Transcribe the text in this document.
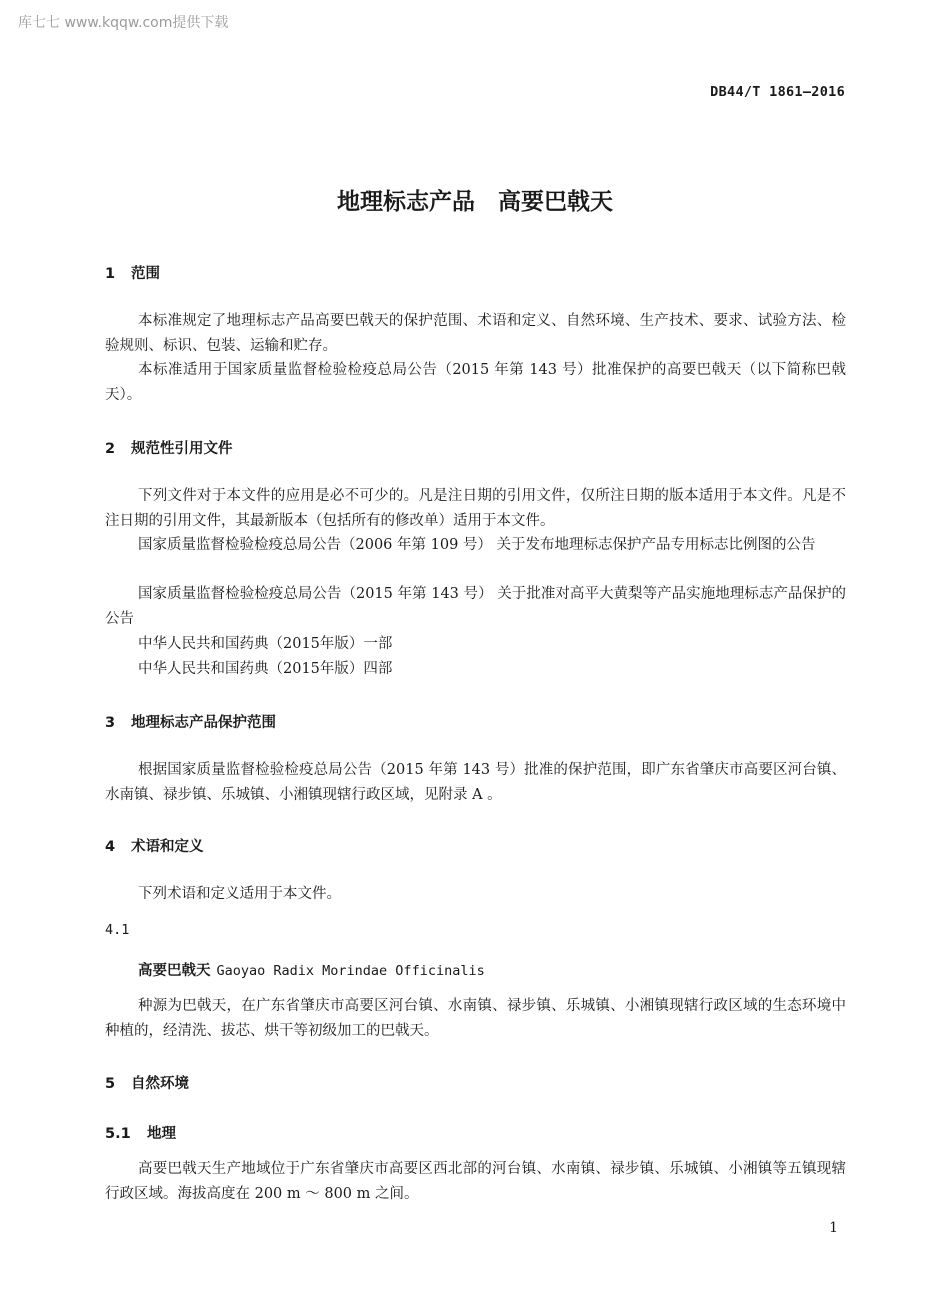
库七七 www.kqqw.com提供下载
DB44/T 1861—2016
地理标志产品　高要巴戟天
1 范围
本标准规定了地理标志产品高要巴戟天的保护范围、术语和定义、自然环境、生产技术、要求、试验方法、检验规则、标识、包装、运输和贮存。
本标准适用于国家质量监督检验检疫总局公告（2015 年第 143 号）批准保护的高要巴戟天（以下简称巴戟天）。
2 规范性引用文件
下列文件对于本文件的应用是必不可少的。凡是注日期的引用文件，仅所注日期的版本适用于本文件。凡是不注日期的引用文件，其最新版本（包括所有的修改单）适用于本文件。
国家质量监督检验检疫总局公告（2006 年第 109 号） 关于发布地理标志保护产品专用标志比例图的公告
国家质量监督检验检疫总局公告（2015 年第 143 号） 关于批准对高平大黄梨等产品实施地理标志产品保护的公告
中华人民共和国药典（2015年版）一部
中华人民共和国药典（2015年版）四部
3 地理标志产品保护范围
根据国家质量监督检验检疫总局公告（2015 年第 143 号）批准的保护范围，即广东省肇庆市高要区河台镇、水南镇、禄步镇、乐城镇、小湘镇现辖行政区域，见附录 A 。
4 术语和定义
下列术语和定义适用于本文件。
4.1
高要巴戟天 Gaoyao Radix Morindae Officinalis
种源为巴戟天，在广东省肇庆市高要区河台镇、水南镇、禄步镇、乐城镇、小湘镇现辖行政区域的生态环境中种植的，经清洗、拔芯、烘干等初级加工的巴戟天。
5 自然环境
5.1 地理
高要巴戟天生产地域位于广东省肇庆市高要区西北部的河台镇、水南镇、禄步镇、乐城镇、小湘镇等五镇现辖行政区域。海拔高度在 200 m ～ 800 m 之间。
1
